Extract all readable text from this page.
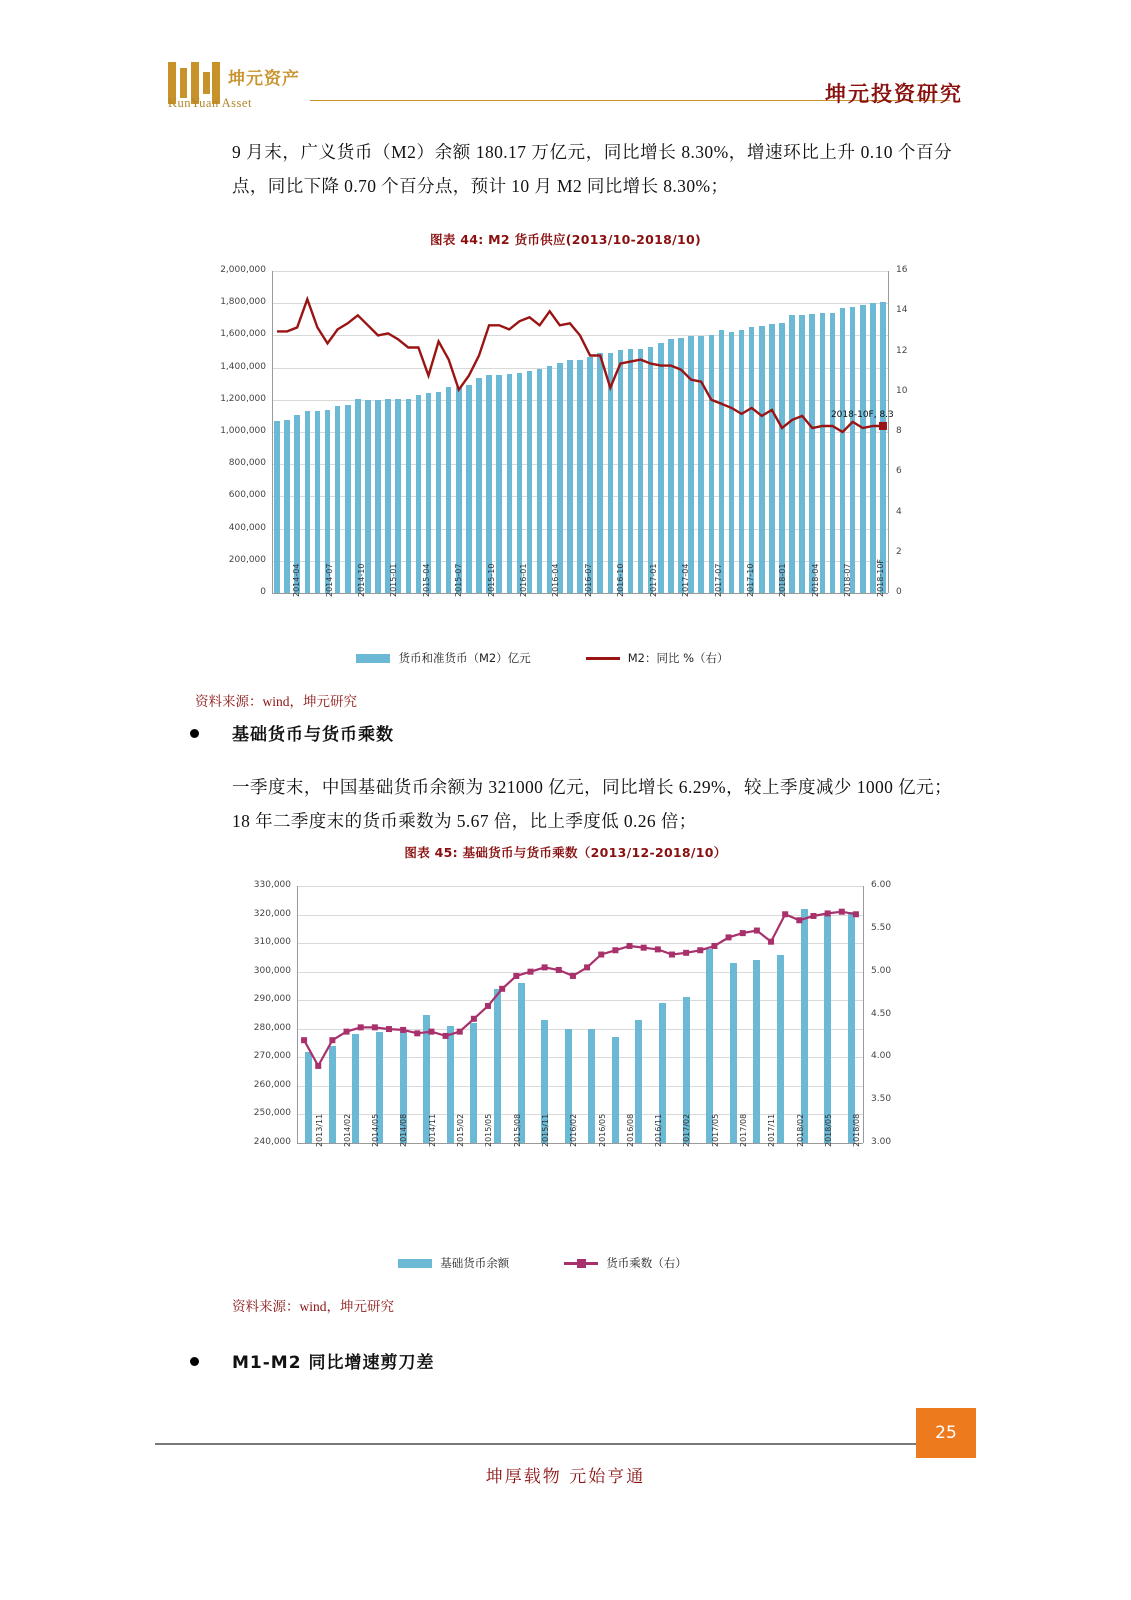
坤元资产
KunYuan Asset	坤元投资研究
9 月末，广义货币（M2）余额 180.17 万亿元，同比增长 8.30%，增速环比上升 0.10 个百分点，同比下降 0.70 个百分点，预计 10 月 M2 同比增长 8.30%；
图表 44: M2 货币供应(2013/10-2018/10)
0
200,000
400,000
600,000
800,000
1,000,000
1,200,000
1,400,000
1,600,000
1,800,000
2,000,000
0
2
4
6
8
10
12
14
16
2014-04	2014-07	2014-10	2015-01	2015-04	2015-07	2015-10	2016-01	2016-04	2016-07	2016-10	2017-01	2017-04	2017-07	2017-10	2018-01	2018-04	2018-07	2018-10F
2018-10F, 8.3
货币和准货币（M2）亿元	M2：同比 %（右）
资料来源：wind，坤元研究
基础货币与货币乘数
一季度末，中国基础货币余额为 321000 亿元，同比增长 6.29%，较上季度减少 1000 亿元；18 年二季度末的货币乘数为 5.67 倍，比上季度低 0.26 倍；
图表 45: 基础货币与货币乘数（2013/12-2018/10）
240,000
250,000
260,000
270,000
280,000
290,000
300,000
310,000
320,000
330,000
3.00
3.50
4.00
4.50
5.00
5.50
6.00
2013/11 2014/02 2014/05 2014/08 2014/11 2015/02 2015/05 2015/08 2015/11 2016/02 2016/05 2016/08 2016/11 2017/02 2017/05 2017/08 2017/11 2018/02 2018/05 2018/08
基础货币余额	货币乘数（右）
资料来源：wind，坤元研究
M1-M2 同比增速剪刀差
25
坤厚载物 元始亨通
